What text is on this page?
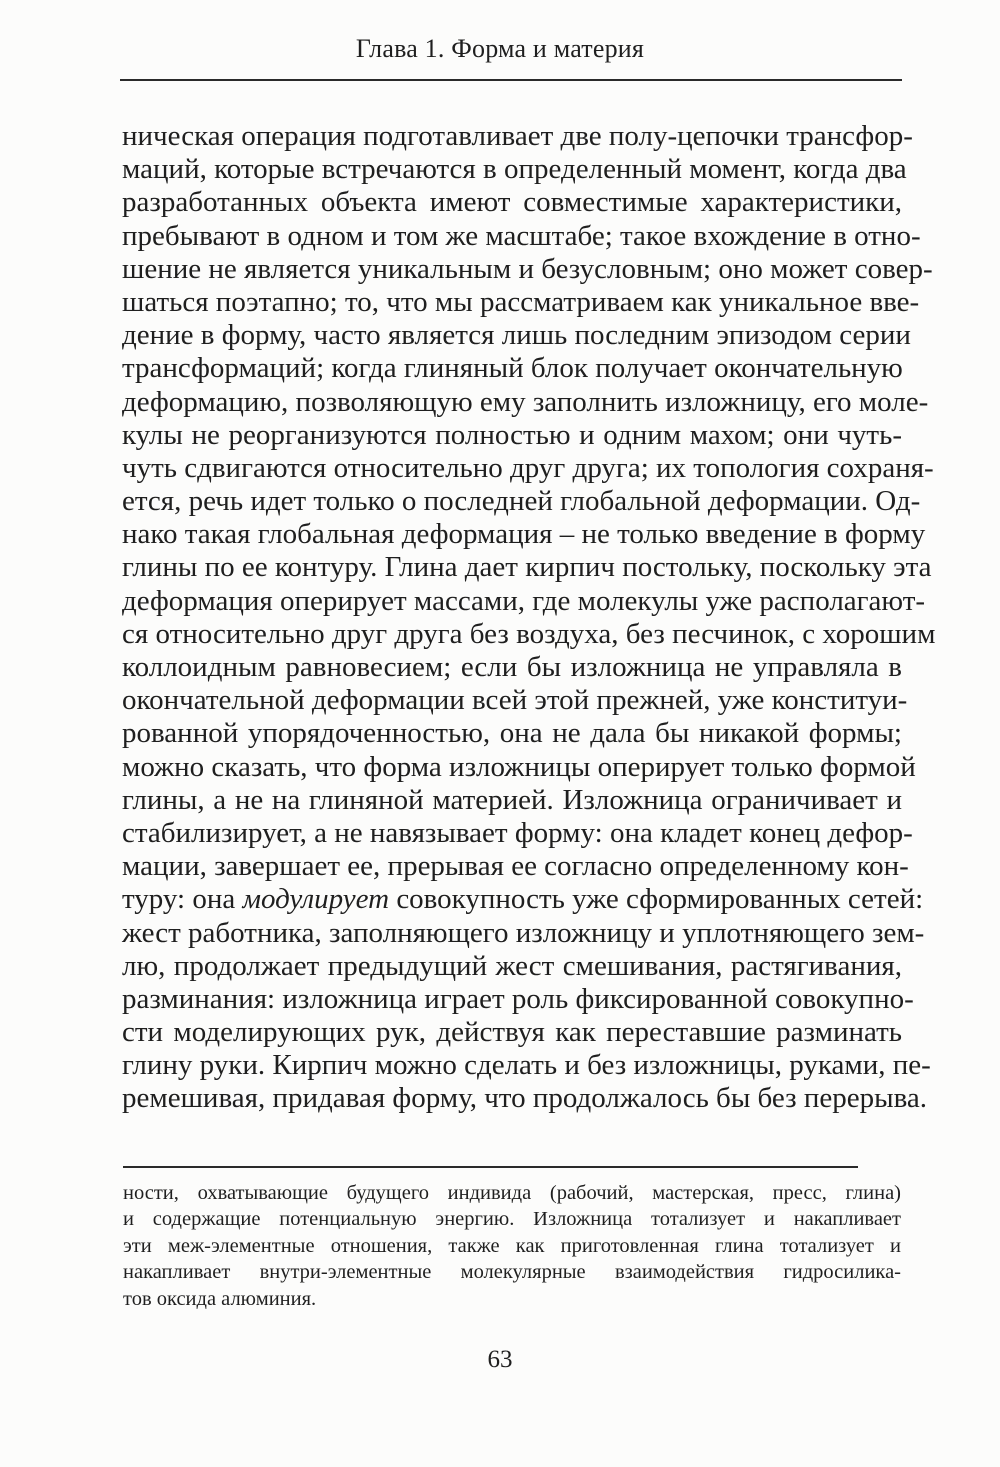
Глава 1. Форма и материя
ническая операция подготавливает две полу-цепочки трансфор-
маций, которые встречаются в определенный момент, когда два
разработанных объекта имеют совместимые характеристики,
пребывают в одном и том же масштабе; такое вхождение в отно-
шение не является уникальным и безусловным; оно может совер-
шаться поэтапно; то, что мы рассматриваем как уникальное вве-
дение в форму, часто является лишь последним эпизодом серии
трансформаций; когда глиняный блок получает окончательную
деформацию, позволяющую ему заполнить изложницу, его моле-
кулы не реорганизуются полностью и одним махом; они чуть-
чуть сдвигаются относительно друг друга; их топология сохраня-
ется, речь идет только о последней глобальной деформации. Од-
нако такая глобальная деформация – не только введение в форму
глины по ее контуру. Глина дает кирпич постольку, поскольку эта
деформация оперирует массами, где молекулы уже располагают-
ся относительно друг друга без воздуха, без песчинок, с хорошим
коллоидным равновесием; если бы изложница не управляла в
окончательной деформации всей этой прежней, уже конституи-
рованной упорядоченностью, она не дала бы никакой формы;
можно сказать, что форма изложницы оперирует только формой
глины, а не на глиняной материей. Изложница ограничивает и
стабилизирует, а не навязывает форму: она кладет конец дефор-
мации, завершает ее, прерывая ее согласно определенному кон-
туру: она модулирует совокупность уже сформированных сетей:
жест работника, заполняющего изложницу и уплотняющего зем-
лю, продолжает предыдущий жест смешивания, растягивания,
разминания: изложница играет роль фиксированной совокупно-
сти моделирующих рук, действуя как переставшие разминать
глину руки. Кирпич можно сделать и без изложницы, руками, пе-
ремешивая, придавая форму, что продолжалось бы без перерыва.
ности, охватывающие будущего индивида (рабочий, мастерская, пресс, глина)
и содержащие потенциальную энергию. Изложница тотализует и накапливает
эти меж-элементные отношения, также как приготовленная глина тотализует и
накапливает внутри-элементные молекулярные взаимодействия гидросилика-
тов оксида алюминия.
63
